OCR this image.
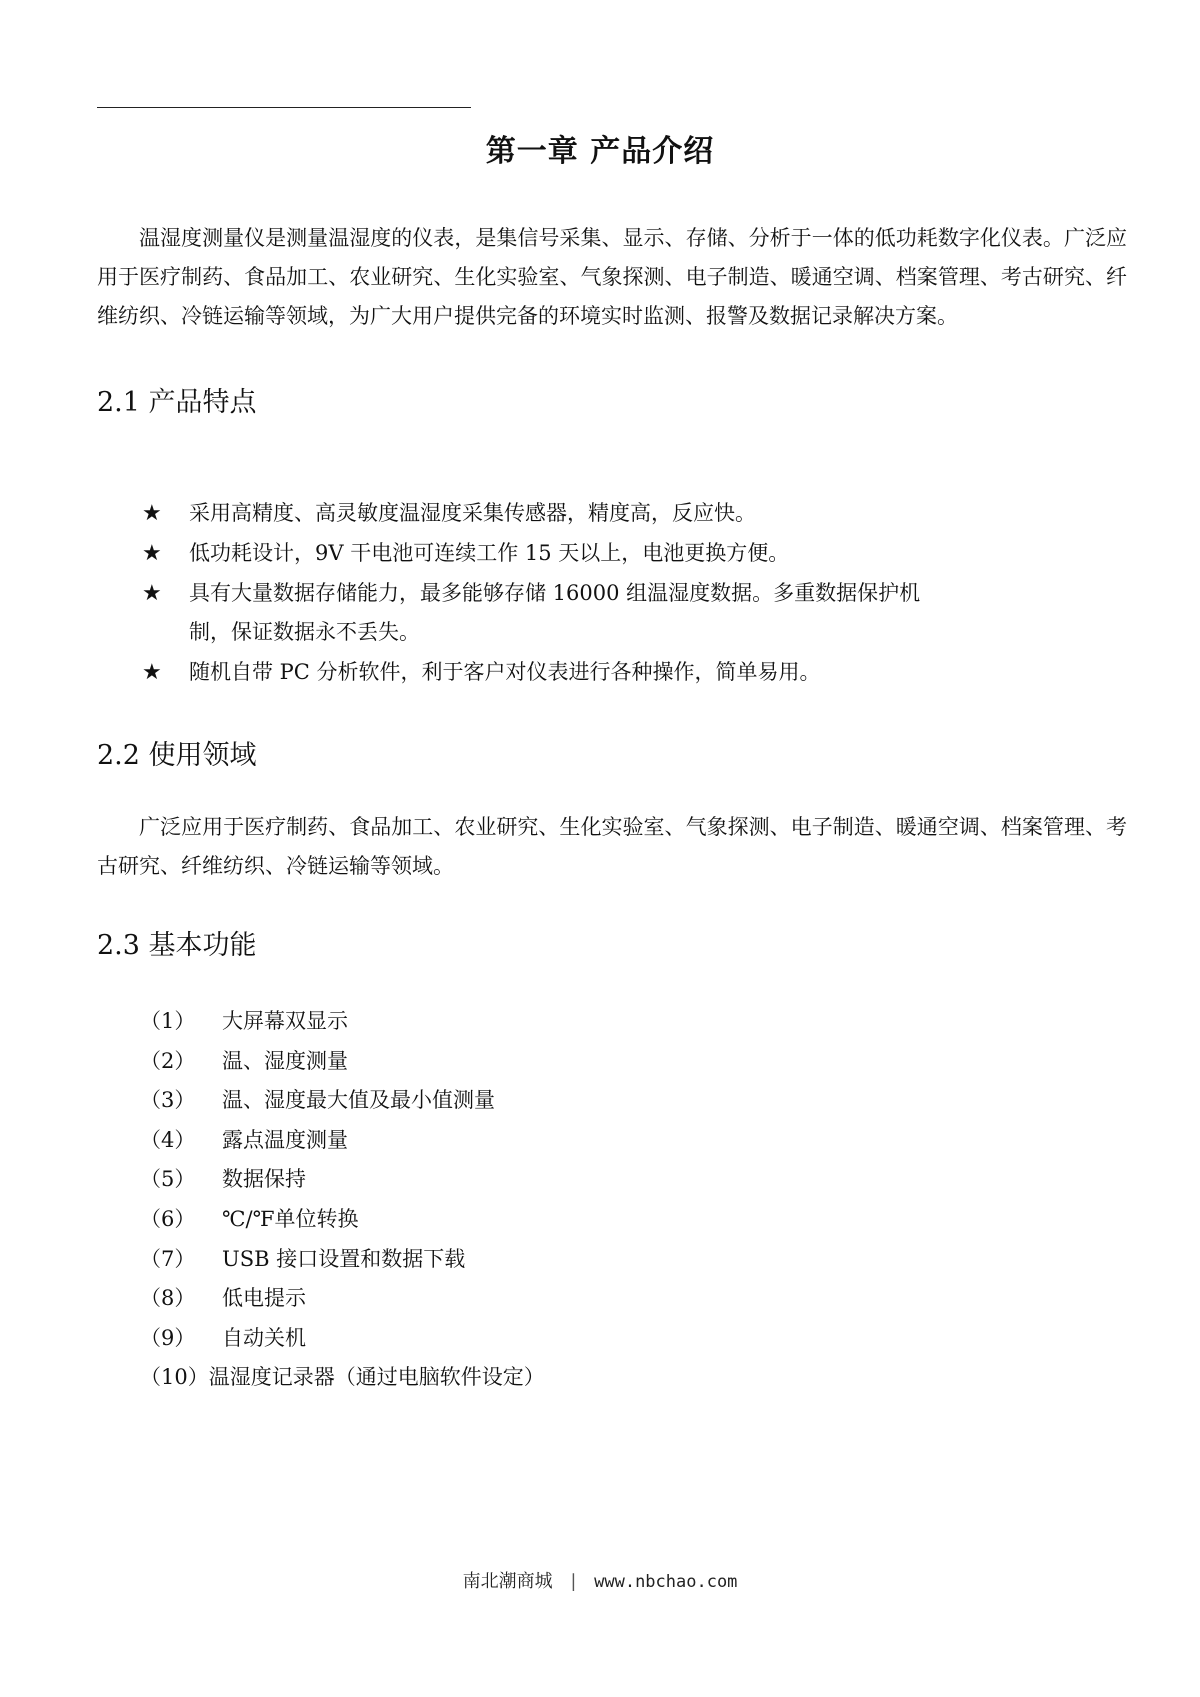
第一章 产品介绍

温湿度测量仪是测量温湿度的仪表，是集信号采集、显示、存储、分析于一体的低功耗数字化仪表。广泛应用于医疗制药、食品加工、农业研究、生化实验室、气象探测、电子制造、暖通空调、档案管理、考古研究、纤维纺织、冷链运输等领域，为广大用户提供完备的环境实时监测、报警及数据记录解决方案。

2.1 产品特点
★ 采用高精度、高灵敏度温湿度采集传感器，精度高，反应快。
★ 低功耗设计，9V 干电池可连续工作 15 天以上，电池更换方便。
★ 具有大量数据存储能力，最多能够存储 16000 组温湿度数据。多重数据保护机制，保证数据永不丢失。
★ 随机自带 PC 分析软件，利于客户对仪表进行各种操作，简单易用。
2.2 使用领域

广泛应用于医疗制药、食品加工、农业研究、生化实验室、气象探测、电子制造、暖通空调、档案管理、考古研究、纤维纺织、冷链运输等领域。

2.3 基本功能
（1） 大屏幕双显示
（2） 温、湿度测量
（3） 温、湿度最大值及最小值测量
（4） 露点温度测量
（5） 数据保持
（6） ℃/℉单位转换
（7） USB 接口设置和数据下载
（8） 低电提示
（9） 自动关机
（10）温湿度记录器（通过电脑软件设定）
南北潮商城 | www.nbchao.com
